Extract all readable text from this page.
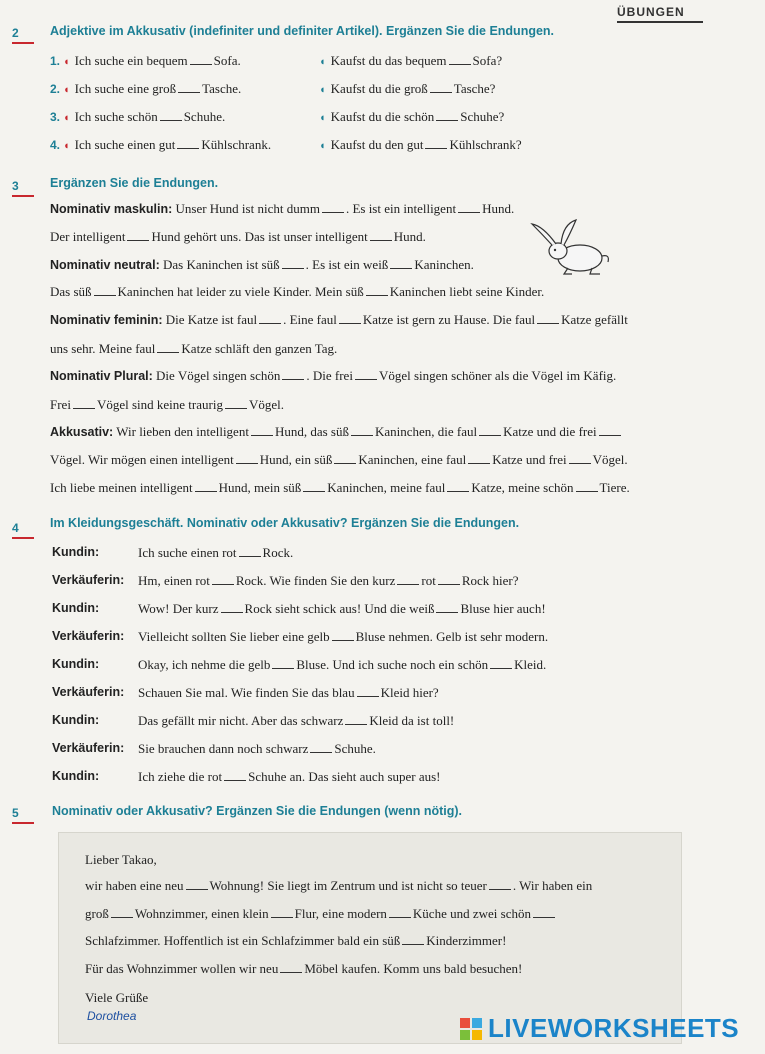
ÜBUNGEN
2	Adjektive im Akkusativ (indefiniter und definiter Artikel). Ergänzen Sie die Endungen.
1. ◖ Ich suche ein bequem Sofa.	◖ Kaufst du das bequem Sofa?
2. ◖ Ich suche eine groß Tasche.	◖ Kaufst du die groß Tasche?
3. ◖ Ich suche schön Schuhe.	◖ Kaufst du die schön Schuhe?
4. ◖ Ich suche einen gut Kühlschrank.	◖ Kaufst du den gut Kühlschrank?
3	Ergänzen Sie die Endungen.
Nominativ maskulin: Unser Hund ist nicht dumm . Es ist ein intelligent Hund.
Der intelligent Hund gehört uns. Das ist unser intelligent Hund.
Nominativ neutral: Das Kaninchen ist süß . Es ist ein weiß Kaninchen.
Das süß Kaninchen hat leider zu viele Kinder. Mein süß Kaninchen liebt seine Kinder.
Nominativ feminin: Die Katze ist faul . Eine faul Katze ist gern zu Hause. Die faul Katze gefällt
uns sehr. Meine faul Katze schläft den ganzen Tag.
Nominativ Plural: Die Vögel singen schön . Die frei Vögel singen schöner als die Vögel im Käfig.
Frei Vögel sind keine traurig Vögel.
Akkusativ: Wir lieben den intelligent Hund, das süß Kaninchen, die faul Katze und die frei
Vögel. Wir mögen einen intelligent Hund, ein süß Kaninchen, eine faul Katze und frei Vögel.
Ich liebe meinen intelligent Hund, mein süß Kaninchen, meine faul Katze, meine schön Tiere.
4	Im Kleidungsgeschäft. Nominativ oder Akkusativ? Ergänzen Sie die Endungen.
Kundin:	Ich suche einen rot Rock.
Verkäuferin: Hm, einen rot Rock. Wie finden Sie den kurz rot Rock hier?
Kundin:	Wow! Der kurz Rock sieht schick aus! Und die weiß Bluse hier auch!
Verkäuferin: Vielleicht sollten Sie lieber eine gelb Bluse nehmen. Gelb ist sehr modern.
Kundin:	Okay, ich nehme die gelb Bluse. Und ich suche noch ein schön Kleid.
Verkäuferin: Schauen Sie mal. Wie finden Sie das blau Kleid hier?
Kundin:	Das gefällt mir nicht. Aber das schwarz Kleid da ist toll!
Verkäuferin: Sie brauchen dann noch schwarz Schuhe.
Kundin:	Ich ziehe die rot Schuhe an. Das sieht auch super aus!
5	Nominativ oder Akkusativ? Ergänzen Sie die Endungen (wenn nötig).
Lieber Takao,
wir haben eine neu Wohnung! Sie liegt im Zentrum und ist nicht so teuer . Wir haben ein
groß Wohnzimmer, einen klein Flur, eine modern Küche und zwei schön
Schlafzimmer. Hoffentlich ist ein Schlafzimmer bald ein süß Kinderzimmer!
Für das Wohnzimmer wollen wir neu Möbel kaufen. Komm uns bald besuchen!
Viele Grüße
Dorothea	LIVEWORKSHEETS
